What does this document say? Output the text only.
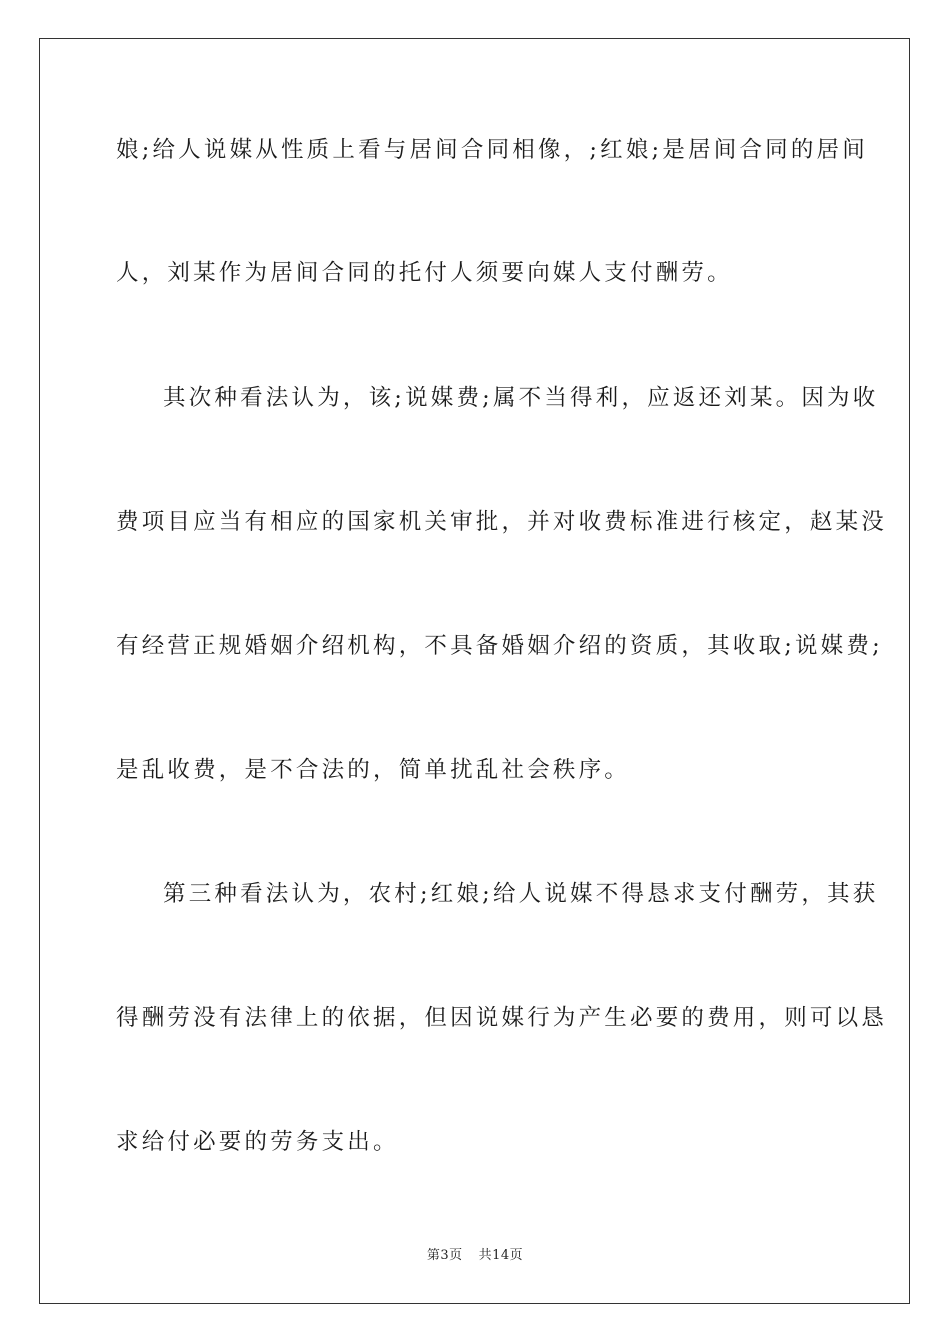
娘;给人说媒从性质上看与居间合同相像，;红娘;是居间合同的居间

人，刘某作为居间合同的托付人须要向媒人支付酬劳。

其次种看法认为，该;说媒费;属不当得利，应返还刘某。因为收

费项目应当有相应的国家机关审批，并对收费标准进行核定，赵某没

有经营正规婚姻介绍机构，不具备婚姻介绍的资质，其收取;说媒费;

是乱收费，是不合法的，简单扰乱社会秩序。

第三种看法认为，农村;红娘;给人说媒不得恳求支付酬劳，其获

得酬劳没有法律上的依据，但因说媒行为产生必要的费用，则可以恳

求给付必要的劳务支出。

第3页 共14页
